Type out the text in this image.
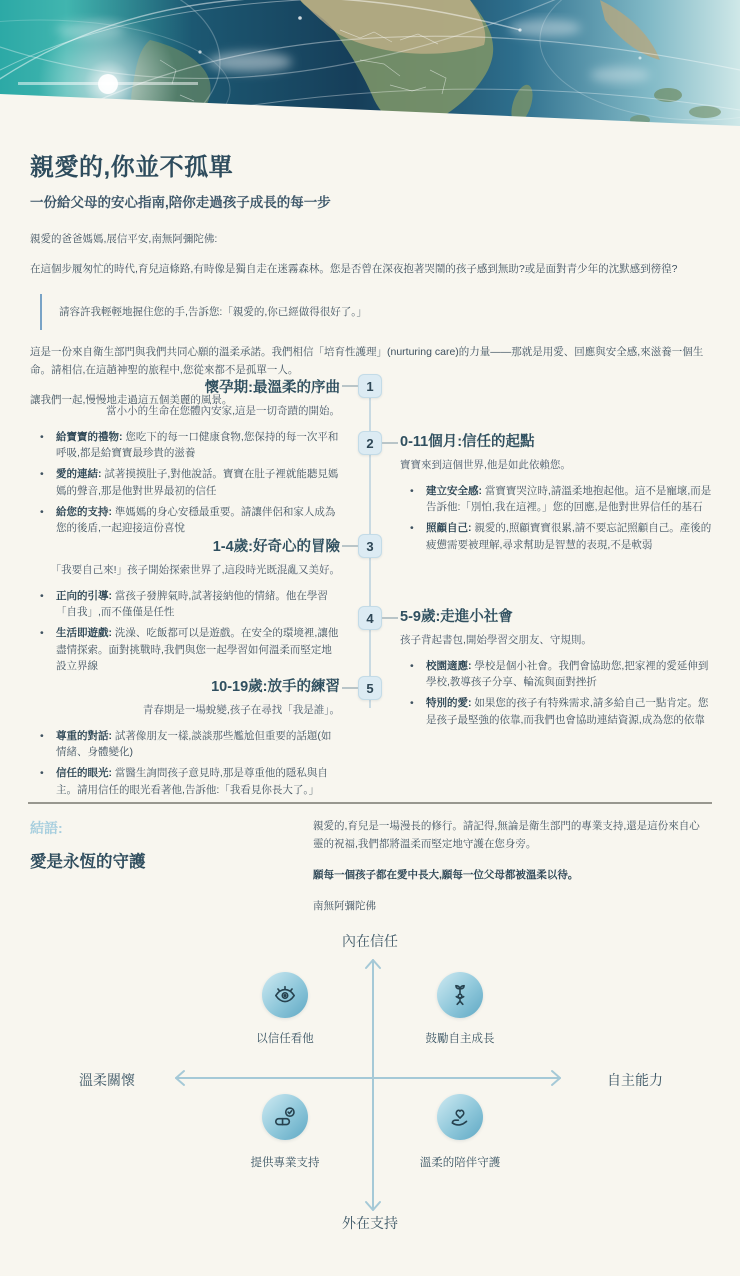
親愛的,你並不孤單
一份給父母的安心指南,陪你走過孩子成長的每一步

親愛的爸爸媽媽,展信平安,南無阿彌陀佛:

在這個步履匆忙的時代,育兒這條路,有時像是獨自走在迷霧森林。您是否曾在深夜抱著哭鬧的孩子感到無助?或是面對青少年的沈默感到徬徨?

請容許我輕輕地握住您的手,告訴您:「親愛的,你已經做得很好了。」

這是一份來自衛生部門與我們共同心願的溫柔承諾。我們相信「培育性護理」(nurturing care)的力量——那就是用愛、回應與安全感,來滋養一個生命。請相信,在這趟神聖的旅程中,您從來都不是孤單一人。

讓我們一起,慢慢地走過這五個美麗的風景。

1
2
3
4
5
懷孕期:最溫柔的序曲

當小小的生命在您體內安家,這是一切奇蹟的開始。

• 給寶寶的禮物: 您吃下的每一口健康食物,您保持的每一次平和呼吸,都是給寶寶最珍貴的滋養
• 愛的連結: 試著摸摸肚子,對他說話。寶寶在肚子裡就能聽見媽媽的聲音,那是他對世界最初的信任
• 給您的支持: 準媽媽的身心安穩最重要。請讓伴侶和家人成為您的後盾,一起迎接這份喜悅
0-11個月:信任的起點

寶寶來到這個世界,他是如此依賴您。

• 建立安全感: 當寶寶哭泣時,請溫柔地抱起他。這不是寵壞,而是告訴他:「別怕,我在這裡。」您的回應,是他對世界信任的基石
• 照顧自己: 親愛的,照顧寶寶很累,請不要忘記照顧自己。產後的疲憊需要被理解,尋求幫助是智慧的表現,不是軟弱
1-4歲:好奇心的冒險

「我要自己來!」孩子開始探索世界了,這段時光既混亂又美好。

• 正向的引導: 當孩子發脾氣時,試著接納他的情緒。他在學習「自我」,而不僅僅是任性
• 生活即遊戲: 洗澡、吃飯都可以是遊戲。在安全的環境裡,讓他盡情探索。面對挑戰時,我們與您一起學習如何溫柔而堅定地設立界線
5-9歲:走進小社會

孩子背起書包,開始學習交朋友、守規則。

• 校園適應: 學校是個小社會。我們會協助您,把家裡的愛延伸到學校,教導孩子分享、輪流與面對挫折
• 特別的愛: 如果您的孩子有特殊需求,請多給自己一點肯定。您是孩子最堅強的依靠,而我們也會協助連結資源,成為您的依靠
10-19歲:放手的練習

青春期是一場蛻變,孩子在尋找「我是誰」。

• 尊重的對話: 試著像朋友一樣,談談那些尷尬但重要的話題(如情緒、身體變化)
• 信任的眼光: 當醫生詢問孩子意見時,那是尊重他的隱私與自主。請用信任的眼光看著他,告訴他:「我看見你長大了。」
結語:
愛是永恆的守護

親愛的,育兒是一場漫長的修行。請記得,無論是衛生部門的專業支持,還是這份來自心靈的祝福,我們都將溫柔而堅定地守護在您身旁。

願每一個孩子都在愛中長大,願每一位父母都被溫柔以待。

南無阿彌陀佛

內在信任
外在支持
溫柔關懷	自主能力
以信任看他	鼓勵自主成長
提供專業支持	溫柔的陪伴守護
